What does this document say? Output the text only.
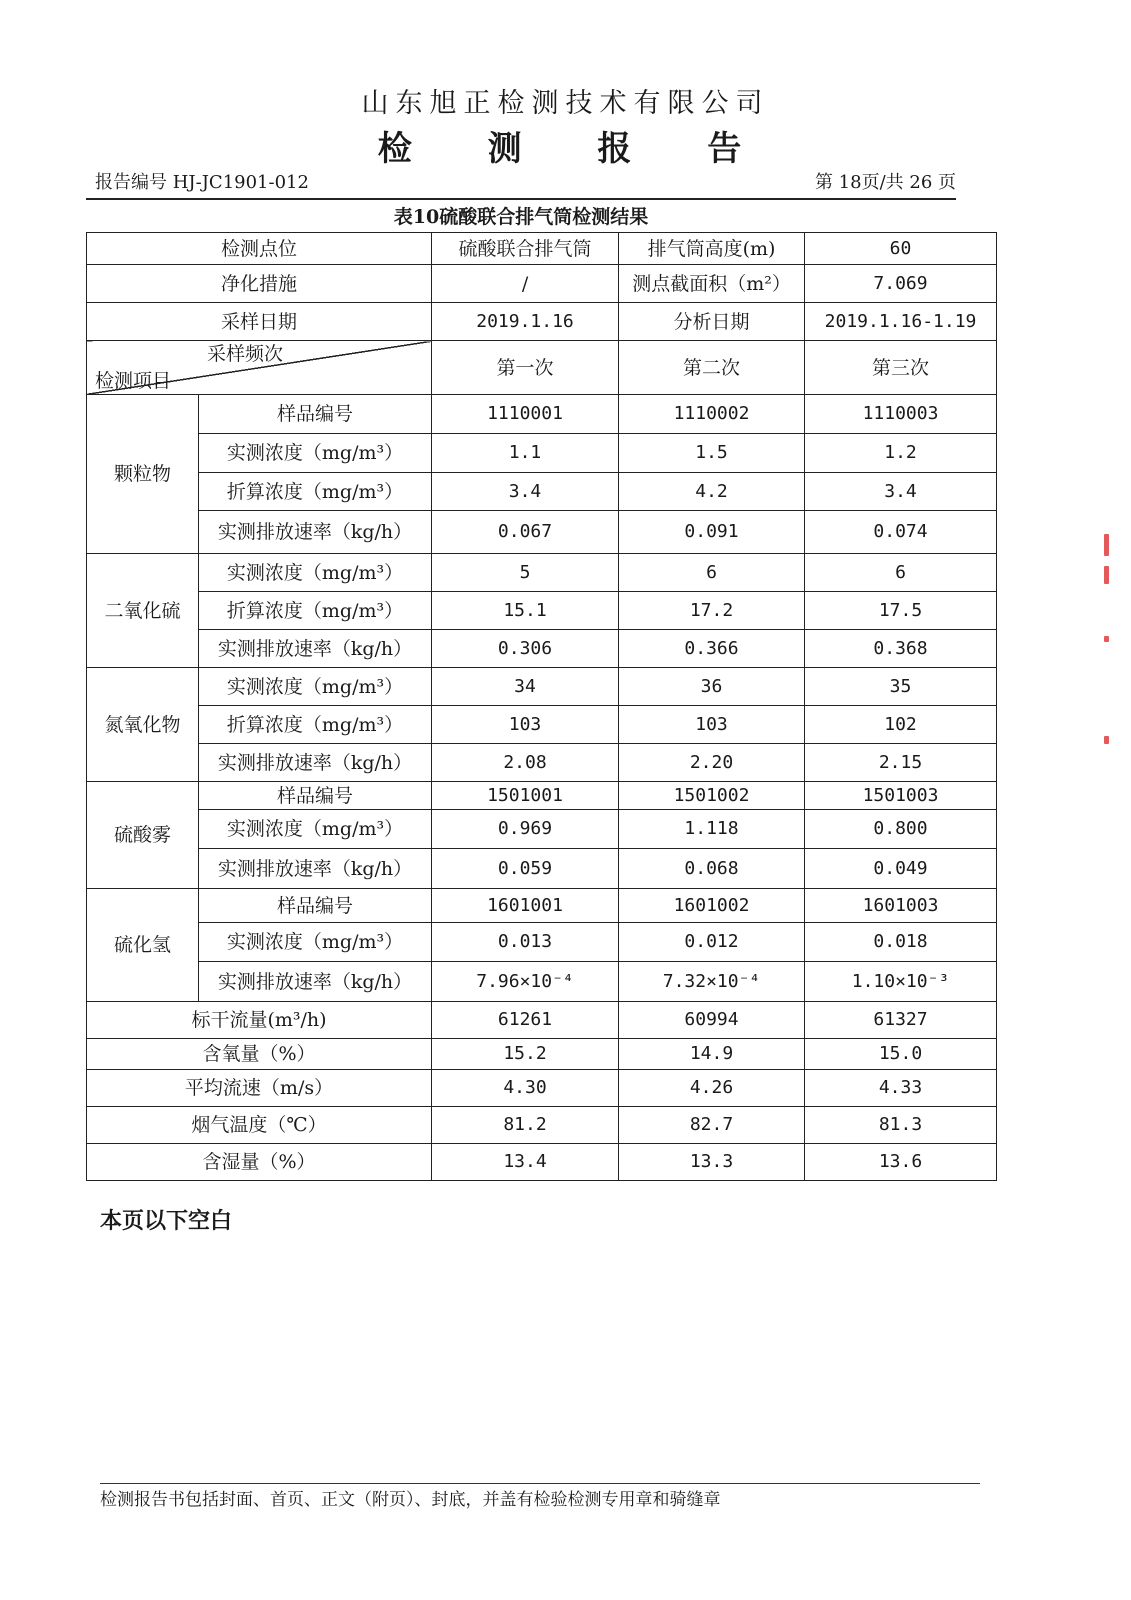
山东旭正检测技术有限公司
检 测 报 告
报告编号 HJ-JC1901-012	第 18页/共 26 页
表10硫酸联合排气筒检测结果
检测点位		硫酸联合排气筒	排气筒高度(m)	60
净化措施		/	测点截面积（m²）	7.069
采样日期		2019.1.16	分析日期	2019.1.16-1.19

采样频次
检测项目		第一次	第二次	第三次
颗粒物	样品编号	1110001	1110002	1110003
	实测浓度（mg/m³）	1.1	1.5	1.2
	折算浓度（mg/m³）	3.4	4.2	3.4
	实测排放速率（kg/h）	0.067	0.091	0.074
二氧化硫	实测浓度（mg/m³）	5	6	6
	折算浓度（mg/m³）	15.1	17.2	17.5
	实测排放速率（kg/h）	0.306	0.366	0.368
氮氧化物	实测浓度（mg/m³）	34	36	35
	折算浓度（mg/m³）	103	103	102
	实测排放速率（kg/h）	2.08	2.20	2.15
硫酸雾	样品编号	1501001	1501002	1501003
	实测浓度（mg/m³）	0.969	1.118	0.800
	实测排放速率（kg/h）	0.059	0.068	0.049
硫化氢	样品编号	1601001	1601002	1601003
	实测浓度（mg/m³）	0.013	0.012	0.018
	实测排放速率（kg/h）	7.96×10⁻⁴	7.32×10⁻⁴	1.10×10⁻³
标干流量(m³/h)		61261	60994	61327
含氧量（%）		15.2	14.9	15.0
平均流速（m/s）		4.30	4.26	4.33
烟气温度（℃）		81.2	82.7	81.3
含湿量（%）		13.4	13.3	13.6
本页以下空白
检测报告书包括封面、首页、正文（附页）、封底，并盖有检验检测专用章和骑缝章
